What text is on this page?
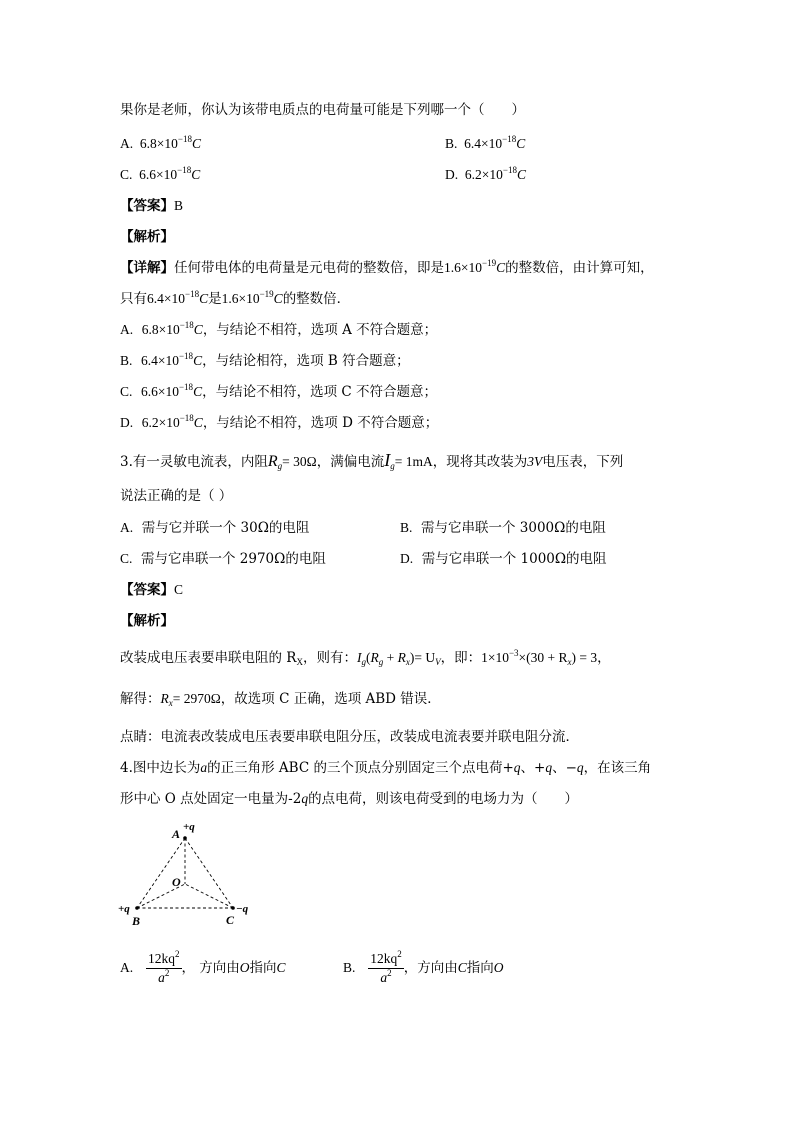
果你是老师，你认为该带电质点的电荷量可能是下列哪一个（　　）
A. $6.8\times 10^{-18}C$	B. $6.4\times 10^{-18}C$
C. $6.6\times 10^{-18}C$	D. $6.2\times 10^{-18}C$
【答案】B
【解析】
【详解】任何带电体的电荷量是元电荷的整数倍，即是$1.6\times 10^{-19}C$的整数倍，由计算可知，
只有$6.4\times 10^{-18}C$是$1.6\times 10^{-19}C$的整数倍．
A. $6.8\times 10^{-18}C$，与结论不相符，选项 A 不符合题意；
B. $6.4\times 10^{-18}C$，与结论相符，选项 B 符合题意；
C. $6.6\times 10^{-18}C$，与结论不相符，选项 C 不符合题意；
D. $6.2\times 10^{-18}C$，与结论不相符，选项 D 不符合题意；
3.有一灵敏电流表，内阻$R_g= 30\Omega$，满偏电流$I_g= 1mA$，现将其改装为3V电压表，下列
说法正确的是（ ）
A. 需与它并联一个 30Ω的电阻	B. 需与它串联一个 3000Ω的电阻
C. 需与它串联一个 2970Ω的电阻	D. 需与它串联一个 1000Ω的电阻
【答案】C
【解析】
改装成电压表要串联电阻的 $R_X$，则有：$I_g(R_g + R_x)= U_V$，即：$1\times 10^{-3}\times(30 + R_x) = 3$，
解得：$R_x= 2970\Omega$，故选项 C 正确，选项 ABD 错误．
点睛：电流表改装成电压表要串联电阻分压，改装成电流表要并联电阻分流．
4.图中边长为a的正三角形 ABC 的三个顶点分别固定三个点电荷+q、+q、−q，在该三角
形中心 O 点处固定一电量为-2q的点电荷，则该电荷受到的电场力为（　　）
A +q
O
+q
B	C
−q
A. $\frac{12kq^2}{a^2}$ ， 方向由O指向C	B. $\frac{12kq^2}{a^2}$ ，方向由C指向O
